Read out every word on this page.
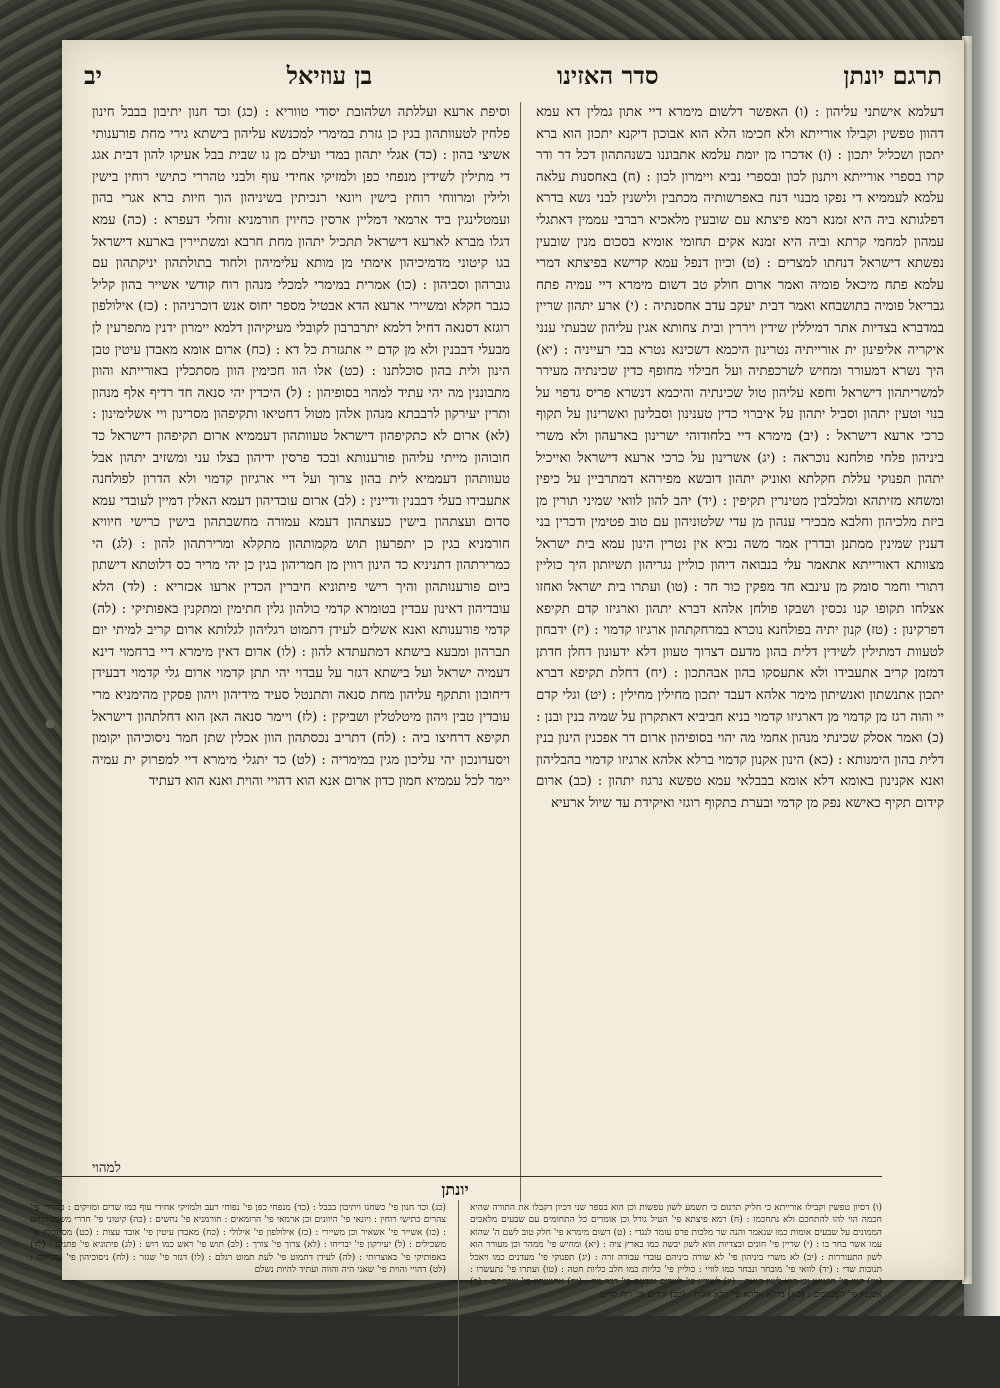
תרגם יונתן
סדר האזינו
בן עוזיאל
יב
דעלמא אישתני עליהון : (ו) האפשר דלשום מימרא דיי אתון גמלין דא עמא דהוון טפשין וקבילו אורייתא ולא חכימו הלא הוא אבוכון דיקנא יתכון הוא ברא יתכון ושכליל יתכון : (ו) אדכרו מן יומת עלמא אתבוננו בשנהתהון דכל דר ודר קרו בספרי אורייתא ויתנון לכון ובספרי נביא ויימרון לכון : (ח) באחסנות עלאה עלמא לעממיא די נפקו מבנוי דנח באפרשותיה מכתבין ולישנין לבני נשא בדרא דפלגותא ביה היא זמנא רמא פיצתא עם שובעין מלאכיא רברבי עממין דאתגלי עמהון למחמי קרתא וביה היא זמנא אקים תחומי אומיא בסכום מנין שובעין נפשתא דישראל דנחתו למצרים : (ט) וכיון דנפל עמא קדישא בפיצתא דמרי עלמא פתח מיכאל פומיה ואמר ארום חולק טב דשום מימרא דיי עמיה פתח גבריאל פומיה בתושבחא ואמר דבית יעקב עדב אחסנתיה : (י) ארע יתהון שריין במדברא בצדיות אתר דמיללין שידין ויררין ובית צחותא אגין עליהון שבעתי ענני איקריה אליפינון ית אורייתיה נטרינון היכמא דשכינא נטרא בבי רעייניה : (יא) היך נשרא דמעורר ומחיש לשרכפתיה ועל חבילוי מחופף כדין שכינתיה מעירר למשריתהון דישראל וחפא עליהון טול שכינתיה והיכמא דנשרא פריס גדפוי על בנוי וטעין יתהון וסביל יתהון על איברוי כדין טענינון וסבלינון ואשרינון על תקוף כרכי ארעא דישראל : (יב) מימרא דיי בלחודוהי ישרינון בארעהון ולא משרי ביניהון פלחי פולחנא נוכראה : (יג) אשרינון על כרכי ארעא דישראל ואייכיל יתהון תפנוקי עללת חקלתא ואוניק יתהון דובשא מפירהא דמתרביין על כיפין ומשחא מזיתהא ומלבלבין מטינרין תקיפין : (יד) יהב להון לוואי שמיני תורין מן ביזת מלכיהון וחלבא מבכירי ענהון מן עדי שלטוניהון עם טוב פטימין ודכרין בני דענין שמינין ממתנן ובדרין אמר משה נביא אין נטרין הינון עמא בית ישראל מצוותא דאורייתא אתאמר עלי בנבואה דיהון כוליין נגריהון תשיותון היך כוליין דתורי וחמר סומק מן עינבא חד מפקין כור חד : (טו) ועתרו בית ישראל ואחזו אצלחו תקופו קנו נכסין ושבקו פולחן אלהא דברא יתהון וארגיזו קדם תקיפא דפרקינון : (טז) קנון יתיה בפולחנא נוכרא במרחקתהון ארגיזו קדמוי : (יז) ידבחון לטעוות דמתילין לשידין דלית בהון מדעם דצרוך טעוון דלא ידעונון דחלן חדתן דמזמן קריב אתעבידו ולא אתעסקו בהון אבהתכון : (יח) דחלת תקיפא דברא יתכון אתנשתון ואנשיתון מימר אלהא דעבד יתכון מחילין מחילין : (יט) וגלי קדם יי והוה רגז מן קדמוי מן דארגיזו קדמוי בניא חביביא דאתקרון על שמיה בנין ובנן : (כ) ואמר אסלק שכינתי מנהון אחמי מה יהוי בסופיהון ארום דר אפכנין הינון בנין דלית בהון הימנותא : (כא) הינון אקנון קדמוי ברלא אלהא ארגיזו קדמוי בהבליהון ואנא אקנינון באומא דלא אומא בבבלאי עמא טפשא נרגוז יתהון : (כב) ארום קידום תקיף כאישא נפק מן קדמי ובערת בתקוף רוגזי ואיקידת עד שיול ארעיא
וסיפת ארעא ועללתה ושלהובת יסודי טווריא : (כג) וכד חנון יתיבון בבבל חינון פלחין לטעוותהון בגין כן גזרת במימרי למכנשא עליהון בישתא גירי מחת פורענותי אשיצי בהון : (כד) אגלי יתהון במדי ועילם מן גו שבית בבל אעיקו להון דבית אגג די מתילין לשידין מנפחי כפן ולמזיקי אחידי עוף ולבני טהררי כתישי רוחין בישין ולילין ומרווחי רוחין בישין ויונאי רנכיתין בשיניהון הוך חיות ברא אגרי בהון ועמטלינגין ביד ארמאי דמליין ארסין כחיוין חורמניא זוחלי דעפרא : (כה) עמא דגלו מברא לארעא דישראל תתכיל יתהון מחת חרבא ומשתיירין בארעא דישראל בגו קיטוני מדמיכיהון אימתי מן מותא עלימיהון ולחוד בתולתהון יניקתהון עם גוברהון וסביהון : (כו) אמרית במימרי למכלי מנהון רוח קודשי אשייר בהון קליל כגבר חקלא ומשיירי ארעא הדא אבטיל מספר יחוס אנש דוכרניהון : (כז) אילולפון רוגזא דסנאה דחיל דלמא יתרברבון לקובלי מעיקיהון דלמא יימרון ידנין מתפרעין לן מבעלי דבבנין ולא מן קדם יי אתגזרת כל דא : (כח) ארום אומא מאבדן עיטין טבן הינון ולית בהון סוכלתנו : (כט) אלו הוו חכימין הוון מסתכלין באורייתא והוון מתבוננין מה יהי עתיד למהוי בסופיהון : (ל) היכדין יהי סנאה חד רדיף אלף מנהון ותרין יעירקון לרבבתא מנהון אלהן מטול דחטיאו ותקיפהון מסרינון ויי אשלימינון : (לא) ארום לא כתקיפהון דישראל טעוותהון דעממיא ארום תקיפהון דישראל כד חובוהון מייתי עליהון פורענותא ובכד פרסין ידיהון בצלו עני ומשזיב יתהון אבל טעוותהון דעממיא לית בהון צרוך ועל דיי ארגיזון קדמוי ולא הדרון לפולחנה אתעבידו בעלי דבבנין ודיינין : (לב) ארום עובדיהון דעמא האלין דמיין לעובדי עמא סדום ועצתהון בישין כעצתהון דעמא עמורה מחשבתהון בישין כרישי חיוויא חורמניא בגין כן יתפרעון תוש מקמותהון מתקלא ומרירתהון להון : (לג) הי כמרירתהון דתניניא כד הינון רווין מן חמריהון בגין כן יהי מריר כס דלוטתא דישתון ביום פורענותהון והיך רישי פיתוניא חיברין הכדין ארעו אכזריא : (לד) הלא עובדיהון דאינון עבדין בטומרא קדמי כולהון גלין חתימין ומתקנין באפותיקי : (לה) קדמי פורענותא ואנא אשלים לעידן דתמוט רגליהון לגלותא ארום קריב למיתי יום תברהון ומבעא בישתא דמתעתדא להון : (לו) ארום דאין מימרא דיי ברחמוי דינא דעמיה ישראל ועל בישתא דגזר על עבדוי יהי תתן קדמוי ארום גלי קדמוי דבעידן דיחובון ותתקף עליהון מחת סנאה ותתנטל סעיד מידיהון ויהון פסקין מהימניא מרי עובדין טבין ויהון מיטלטלין ושביקין : (לז) ויימר סנאה האן הוא דחלתהון דישראל תקיפא דרחיצו ביה : (לח) דתריב נכסתהון הוון אכלין שתן חמר ניסוכיהון יקומון ויסעדונכון יהי עליכון מגין במימריה : (לט) כד יתגלי מימרא דיי למפרוק ית עמיה יימר לכל עממיא חמון כדון ארום אנא הוא דהויי והוית ואנא הוא דעתיד
יונתן
(ו) דסיון טפשין וקבילו אורייתא כי חליק תרגום כי תשמע לשון טפשות וכן הוא בספר שני דכיון דקבלו את התורה שהיא חכמה הוי להו להתחכם ולא נתחכמו : (ח) רמא פיצתא פי' הטיל גורל וכן אומרים כל התחומים עם שבעים מלאכים הממונים על שבעים אומות כמו שנאמר והנה שר מלכות פרס עומד לנגדי : (ט) דשום מימרא פי' חלק טוב לשם ה' שהוא עמו אשר בחר בו : (י) שריין פי' חונים ובצדיות הוא לשון יבשה כמו בארץ ציה : (יא) ומחיש פי' ממהר וכן מעורר הוא לשון התעוררות : (יב) לא משרי ביניהון פי' לא שורה ביניהם עובדי עבודה זרה : (יג) תפנוקי פי' מעדנים כמו ויאכל תנובות שדי : (יד) לוואי פי' מובחר ונבחר כמו לוויי : כוליין פי' כליות כמו חלב כליות חטה : (טו) ועתרו פי' נתעשרו : (טז) קנון פי' הקניאו וכן הוא לשון קנאה : (יז) לשידין פי' לשדים ומדעם פי' דבר מה : (יח) אתנשתון פי' שכחתם : (כ) אפכנין פי' הפכפכים : (כא) ברלא אלהא פי' בלא אלוה : (כב) קידום פי' רוח קדים
(כג) וכד חנון פי' כשחנו ויתיבון בבבל : (כד) מנפחי כפן פי' נפוחי רעב ולמזיקי אחידי עוף כמו שדים ומזיקים : טהררי פי' צהרים כתישי רוחין : ויונאי פי' היוונים וכן ארמאי פי' הרומאים : חורמניא פי' נחשים : (כה) קיטוני פי' חדרי משכבותיהם : (כו) אשייר פי' אשאיר וכן משיירי : (כז) אילולפון פי' אילולי : (כח) מאבדן עיטין פי' אובד עצות : (כט) מסתכלין פי' משכילים : (ל) יעירקון פי' יבריחו : (לא) צרוך פי' צורך : (לב) תוש פי' ראש כמו רוש : (לג) פיתוניא פי' פתנים : (לד) באפותיקי פי' באוצרותי : (לה) לעידן דתמוט פי' לעת תמוט רגלם : (לו) דגזר פי' שגזר : (לח) ניסוכיהון פי' נסכיהם : (לט) דהויי והוית פי' שאני היה והווה ועתיד להיות נשלם
למהוי
